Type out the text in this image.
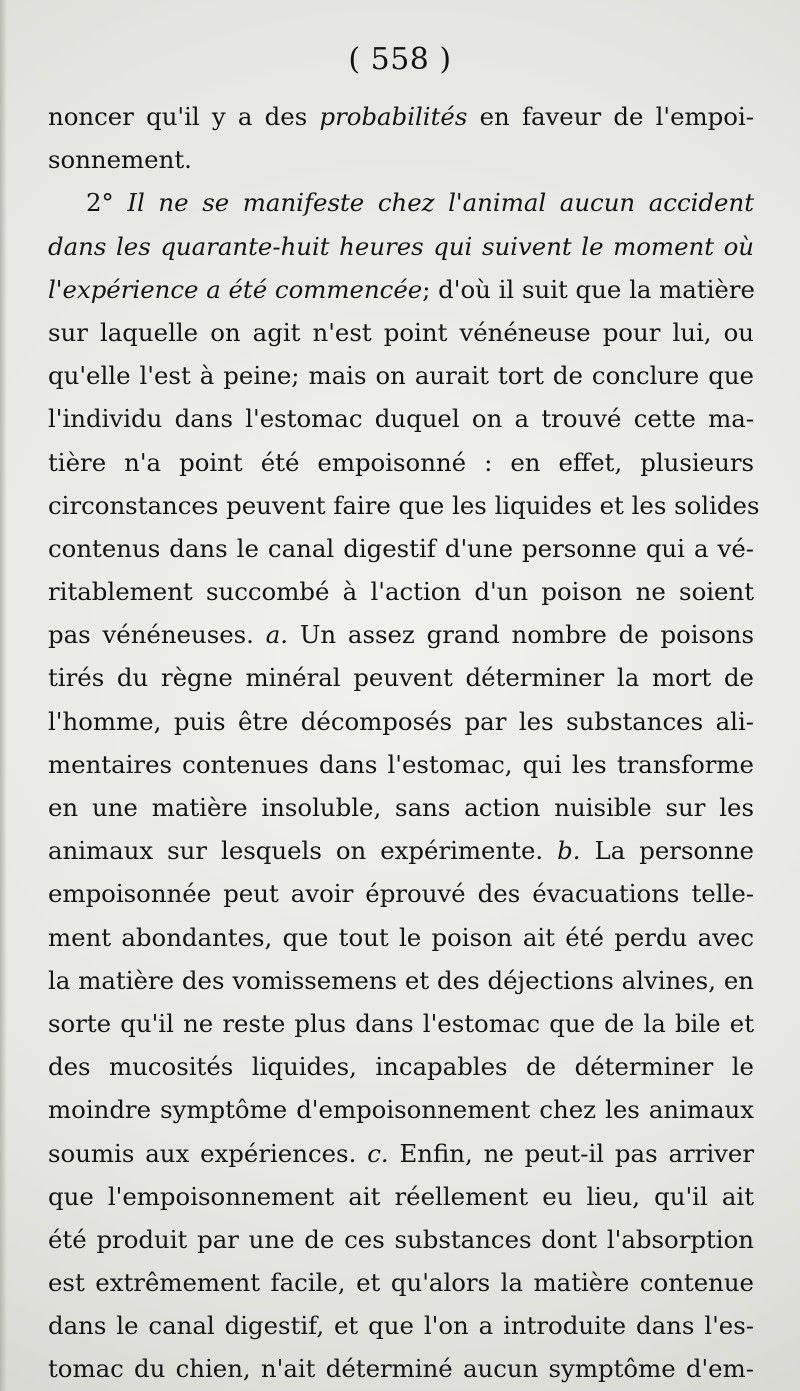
( 558 )
noncer qu'il y a des probabilités en faveur de l'empoi-
sonnement.
2° Il ne se manifeste chez l'animal aucun accident
dans les quarante-huit heures qui suivent le moment où
l'expérience a été commencée; d'où il suit que la matière
sur laquelle on agit n'est point vénéneuse pour lui, ou
qu'elle l'est à peine; mais on aurait tort de conclure que
l'individu dans l'estomac duquel on a trouvé cette ma-
tière n'a point été empoisonné : en effet, plusieurs
circonstances peuvent faire que les liquides et les solides
contenus dans le canal digestif d'une personne qui a vé-
ritablement succombé à l'action d'un poison ne soient
pas vénéneuses. a. Un assez grand nombre de poisons
tirés du règne minéral peuvent déterminer la mort de
l'homme, puis être décomposés par les substances ali-
mentaires contenues dans l'estomac, qui les transforme
en une matière insoluble, sans action nuisible sur les
animaux sur lesquels on expérimente. b. La personne
empoisonnée peut avoir éprouvé des évacuations telle-
ment abondantes, que tout le poison ait été perdu avec
la matière des vomissemens et des déjections alvines, en
sorte qu'il ne reste plus dans l'estomac que de la bile et
des mucosités liquides, incapables de déterminer le
moindre symptôme d'empoisonnement chez les animaux
soumis aux expériences. c. Enfin, ne peut-il pas arriver
que l'empoisonnement ait réellement eu lieu, qu'il ait
été produit par une de ces substances dont l'absorption
est extrêmement facile, et qu'alors la matière contenue
dans le canal digestif, et que l'on a introduite dans l'es-
tomac du chien, n'ait déterminé aucun symptôme d'em-
